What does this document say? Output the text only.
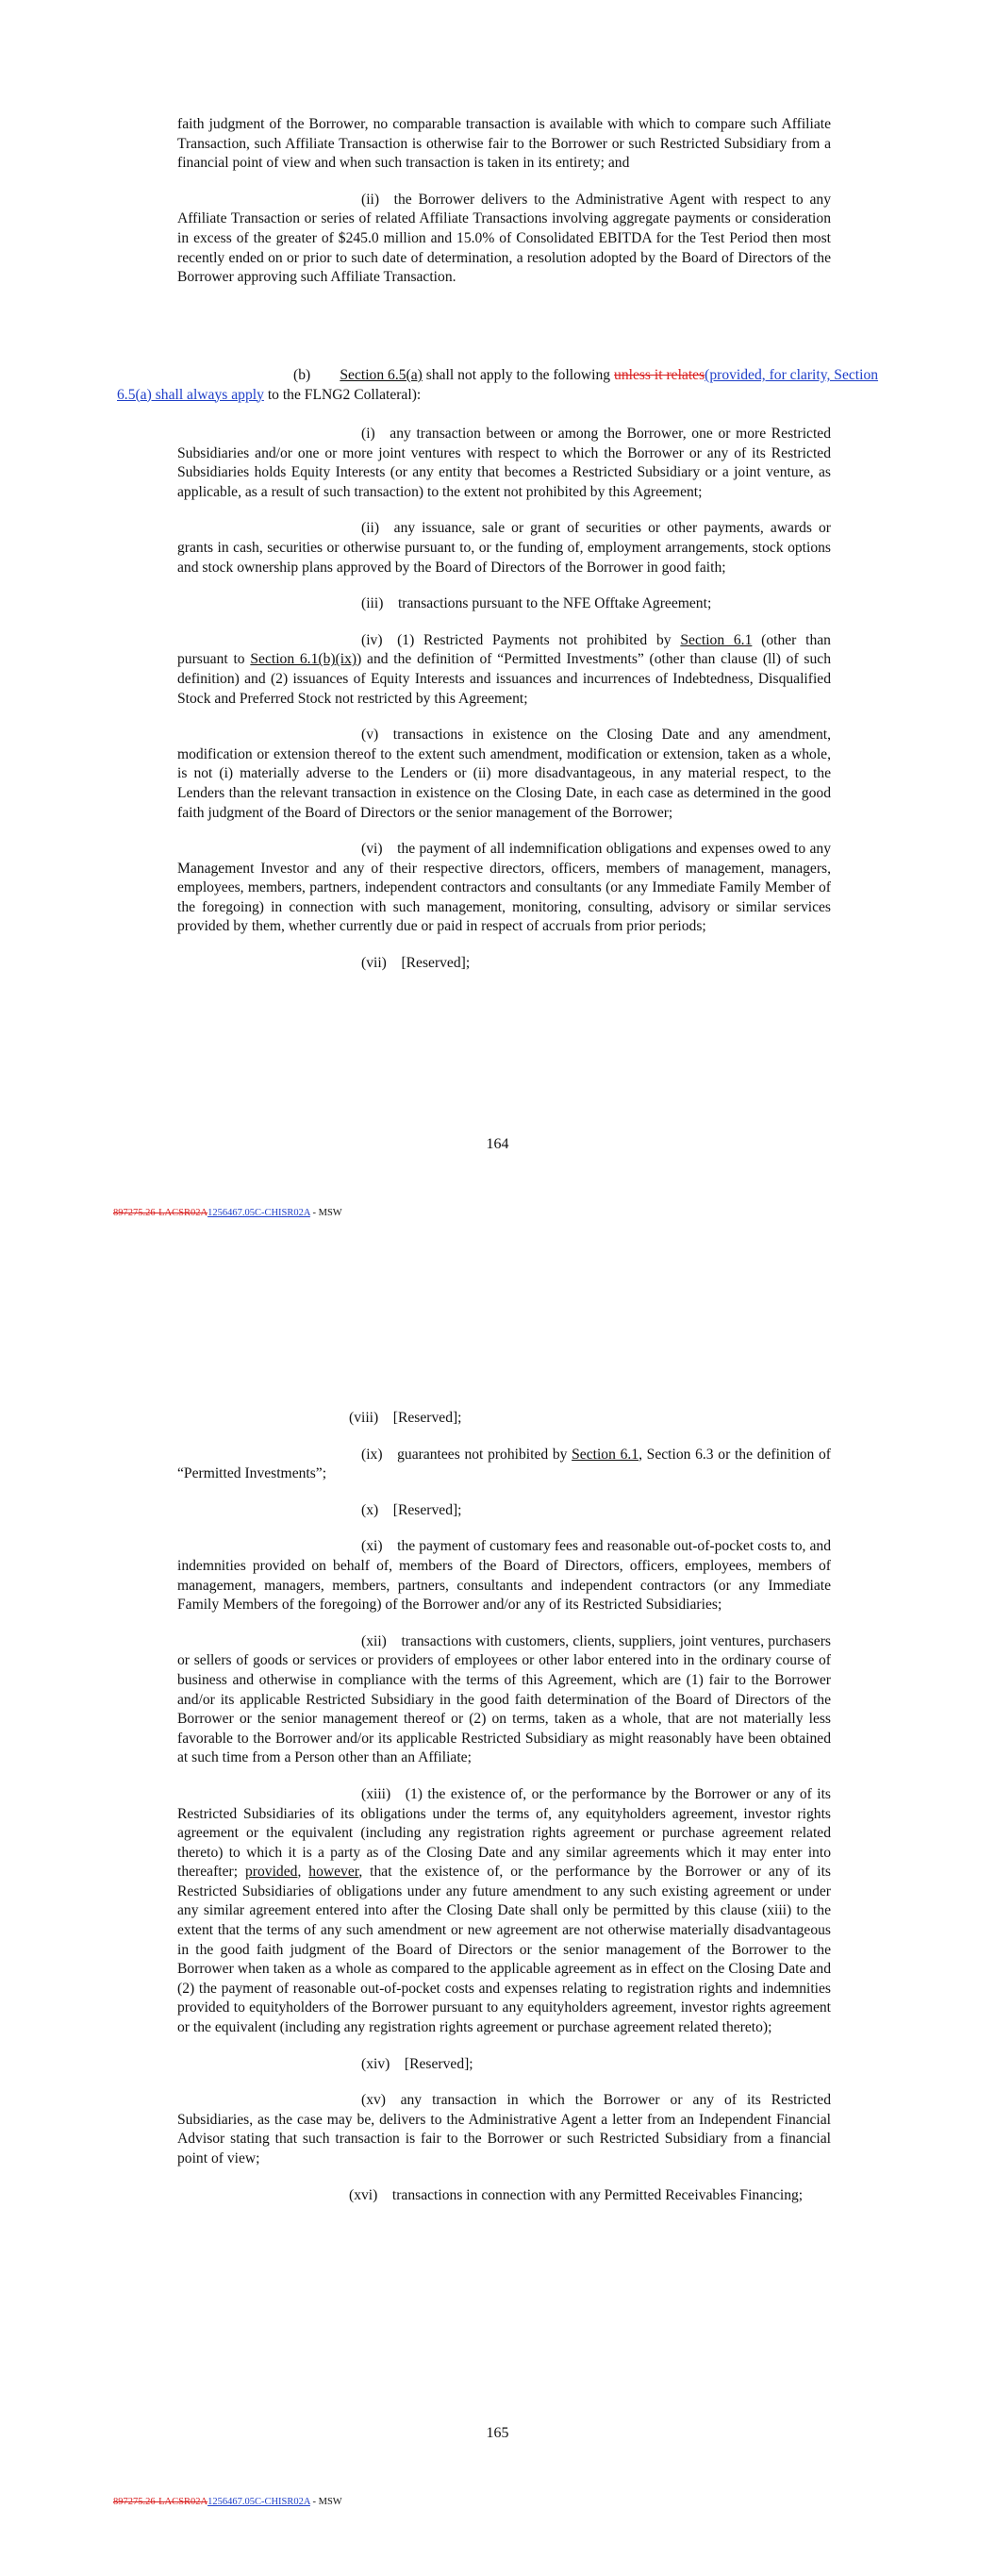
faith judgment of the Borrower, no comparable transaction is available with which to compare such Affiliate Transaction, such Affiliate Transaction is otherwise fair to the Borrower or such Restricted Subsidiary from a financial point of view and when such transaction is taken in its entirety; and

(ii) the Borrower delivers to the Administrative Agent with respect to any Affiliate Transaction or series of related Affiliate Transactions involving aggregate payments or consideration in excess of the greater of $245.0 million and 15.0% of Consolidated EBITDA for the Test Period then most recently ended on or prior to such date of determination, a resolution adopted by the Board of Directors of the Borrower approving such Affiliate Transaction.

(b)   Section 6.5(a) shall not apply to the following unless it relates(provided, for clarity, Section 6.5(a) shall always apply to the FLNG2 Collateral):

(i) any transaction between or among the Borrower, one or more Restricted Subsidiaries and/or one or more joint ventures with respect to which the Borrower or any of its Restricted Subsidiaries holds Equity Interests (or any entity that becomes a Restricted Subsidiary or a joint venture, as applicable, as a result of such transaction) to the extent not prohibited by this Agreement;

(ii) any issuance, sale or grant of securities or other payments, awards or grants in cash, securities or otherwise pursuant to, or the funding of, employment arrangements, stock options and stock ownership plans approved by the Board of Directors of the Borrower in good faith;

(iii) transactions pursuant to the NFE Offtake Agreement;

(iv) (1) Restricted Payments not prohibited by Section 6.1 (other than pursuant to Section 6.1(b)(ix)) and the definition of “Permitted Investments” (other than clause (ll) of such definition) and (2) issuances of Equity Interests and issuances and incurrences of Indebtedness, Disqualified Stock and Preferred Stock not restricted by this Agreement;

(v) transactions in existence on the Closing Date and any amendment, modification or extension thereof to the extent such amendment, modification or extension, taken as a whole, is not (i) materially adverse to the Lenders or (ii) more disadvantageous, in any material respect, to the Lenders than the relevant transaction in existence on the Closing Date, in each case as determined in the good faith judgment of the Board of Directors or the senior management of the Borrower;

(vi) the payment of all indemnification obligations and expenses owed to any Management Investor and any of their respective directors, officers, members of management, managers, employees, members, partners, independent contractors and consultants (or any Immediate Family Member of the foregoing) in connection with such management, monitoring, consulting, advisory or similar services provided by them, whether currently due or paid in respect of accruals from prior periods;

(vii) [Reserved];

164
897275.26-LACSR02A1256467.05C-CHISR02A - MSW

(viii) [Reserved];

(ix) guarantees not prohibited by Section 6.1, Section 6.3 or the definition of “Permitted Investments”;

(x) [Reserved];

(xi) the payment of customary fees and reasonable out-of-pocket costs to, and indemnities provided on behalf of, members of the Board of Directors, officers, employees, members of management, managers, members, partners, consultants and independent contractors (or any Immediate Family Members of the foregoing) of the Borrower and/or any of its Restricted Subsidiaries;

(xii) transactions with customers, clients, suppliers, joint ventures, purchasers or sellers of goods or services or providers of employees or other labor entered into in the ordinary course of business and otherwise in compliance with the terms of this Agreement, which are (1) fair to the Borrower and/or its applicable Restricted Subsidiary in the good faith determination of the Board of Directors of the Borrower or the senior management thereof or (2) on terms, taken as a whole, that are not materially less favorable to the Borrower and/or its applicable Restricted Subsidiary as might reasonably have been obtained at such time from a Person other than an Affiliate;

(xiii) (1) the existence of, or the performance by the Borrower or any of its Restricted Subsidiaries of its obligations under the terms of, any equityholders agreement, investor rights agreement or the equivalent (including any registration rights agreement or purchase agreement related thereto) to which it is a party as of the Closing Date and any similar agreements which it may enter into thereafter; provided, however, that the existence of, or the performance by the Borrower or any of its Restricted Subsidiaries of obligations under any future amendment to any such existing agreement or under any similar agreement entered into after the Closing Date shall only be permitted by this clause (xiii) to the extent that the terms of any such amendment or new agreement are not otherwise materially disadvantageous in the good faith judgment of the Board of Directors or the senior management of the Borrower to the Borrower when taken as a whole as compared to the applicable agreement as in effect on the Closing Date and (2) the payment of reasonable out-of-pocket costs and expenses relating to registration rights and indemnities provided to equityholders of the Borrower pursuant to any equityholders agreement, investor rights agreement or the equivalent (including any registration rights agreement or purchase agreement related thereto);

(xiv) [Reserved];

(xv) any transaction in which the Borrower or any of its Restricted Subsidiaries, as the case may be, delivers to the Administrative Agent a letter from an Independent Financial Advisor stating that such transaction is fair to the Borrower or such Restricted Subsidiary from a financial point of view;

(xvi) transactions in connection with any Permitted Receivables Financing;

165
897275.26-LACSR02A1256467.05C-CHISR02A - MSW
